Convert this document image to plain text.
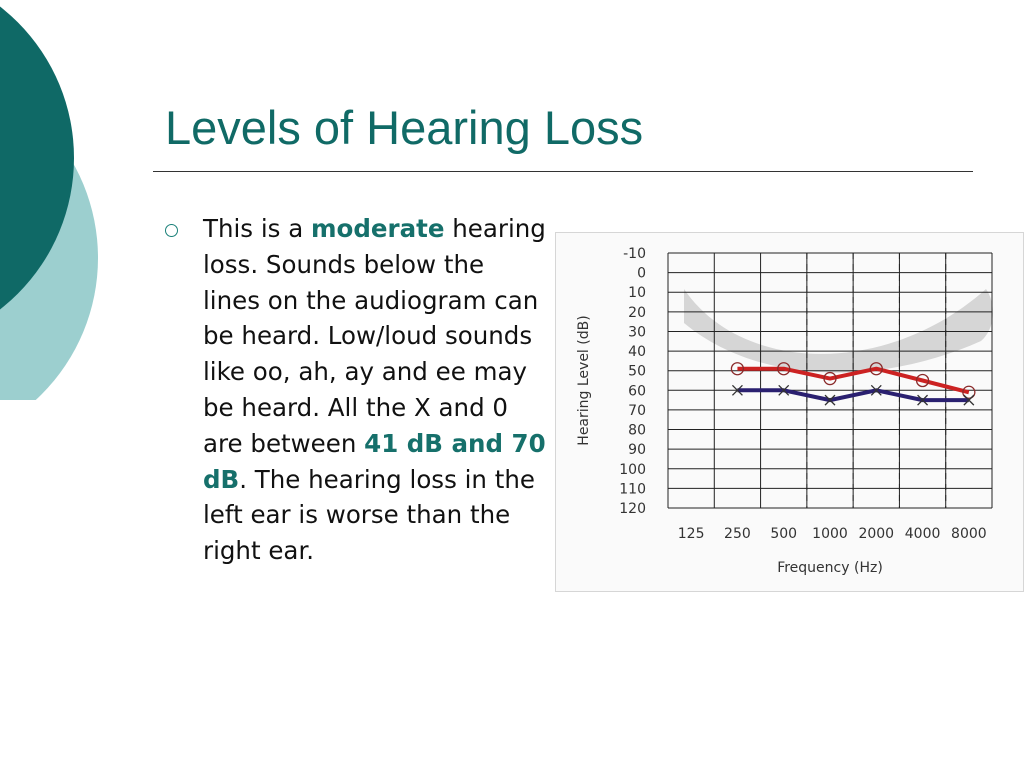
Levels of Hearing Loss

This is a moderate hearing loss. Sounds below the lines on the audiogram can be heard. Low/loud sounds like oo, ah, ay and ee may be heard. All the X and 0 are between 41 dB and 70 dB. The hearing loss in the left ear is worse than the right ear.

-10
0
10
20
30
40
50
60
70
80
90
100
110
120
125 250 500 1000 2000 4000 8000
Frequency (Hz)
Hearing Level (dB)
